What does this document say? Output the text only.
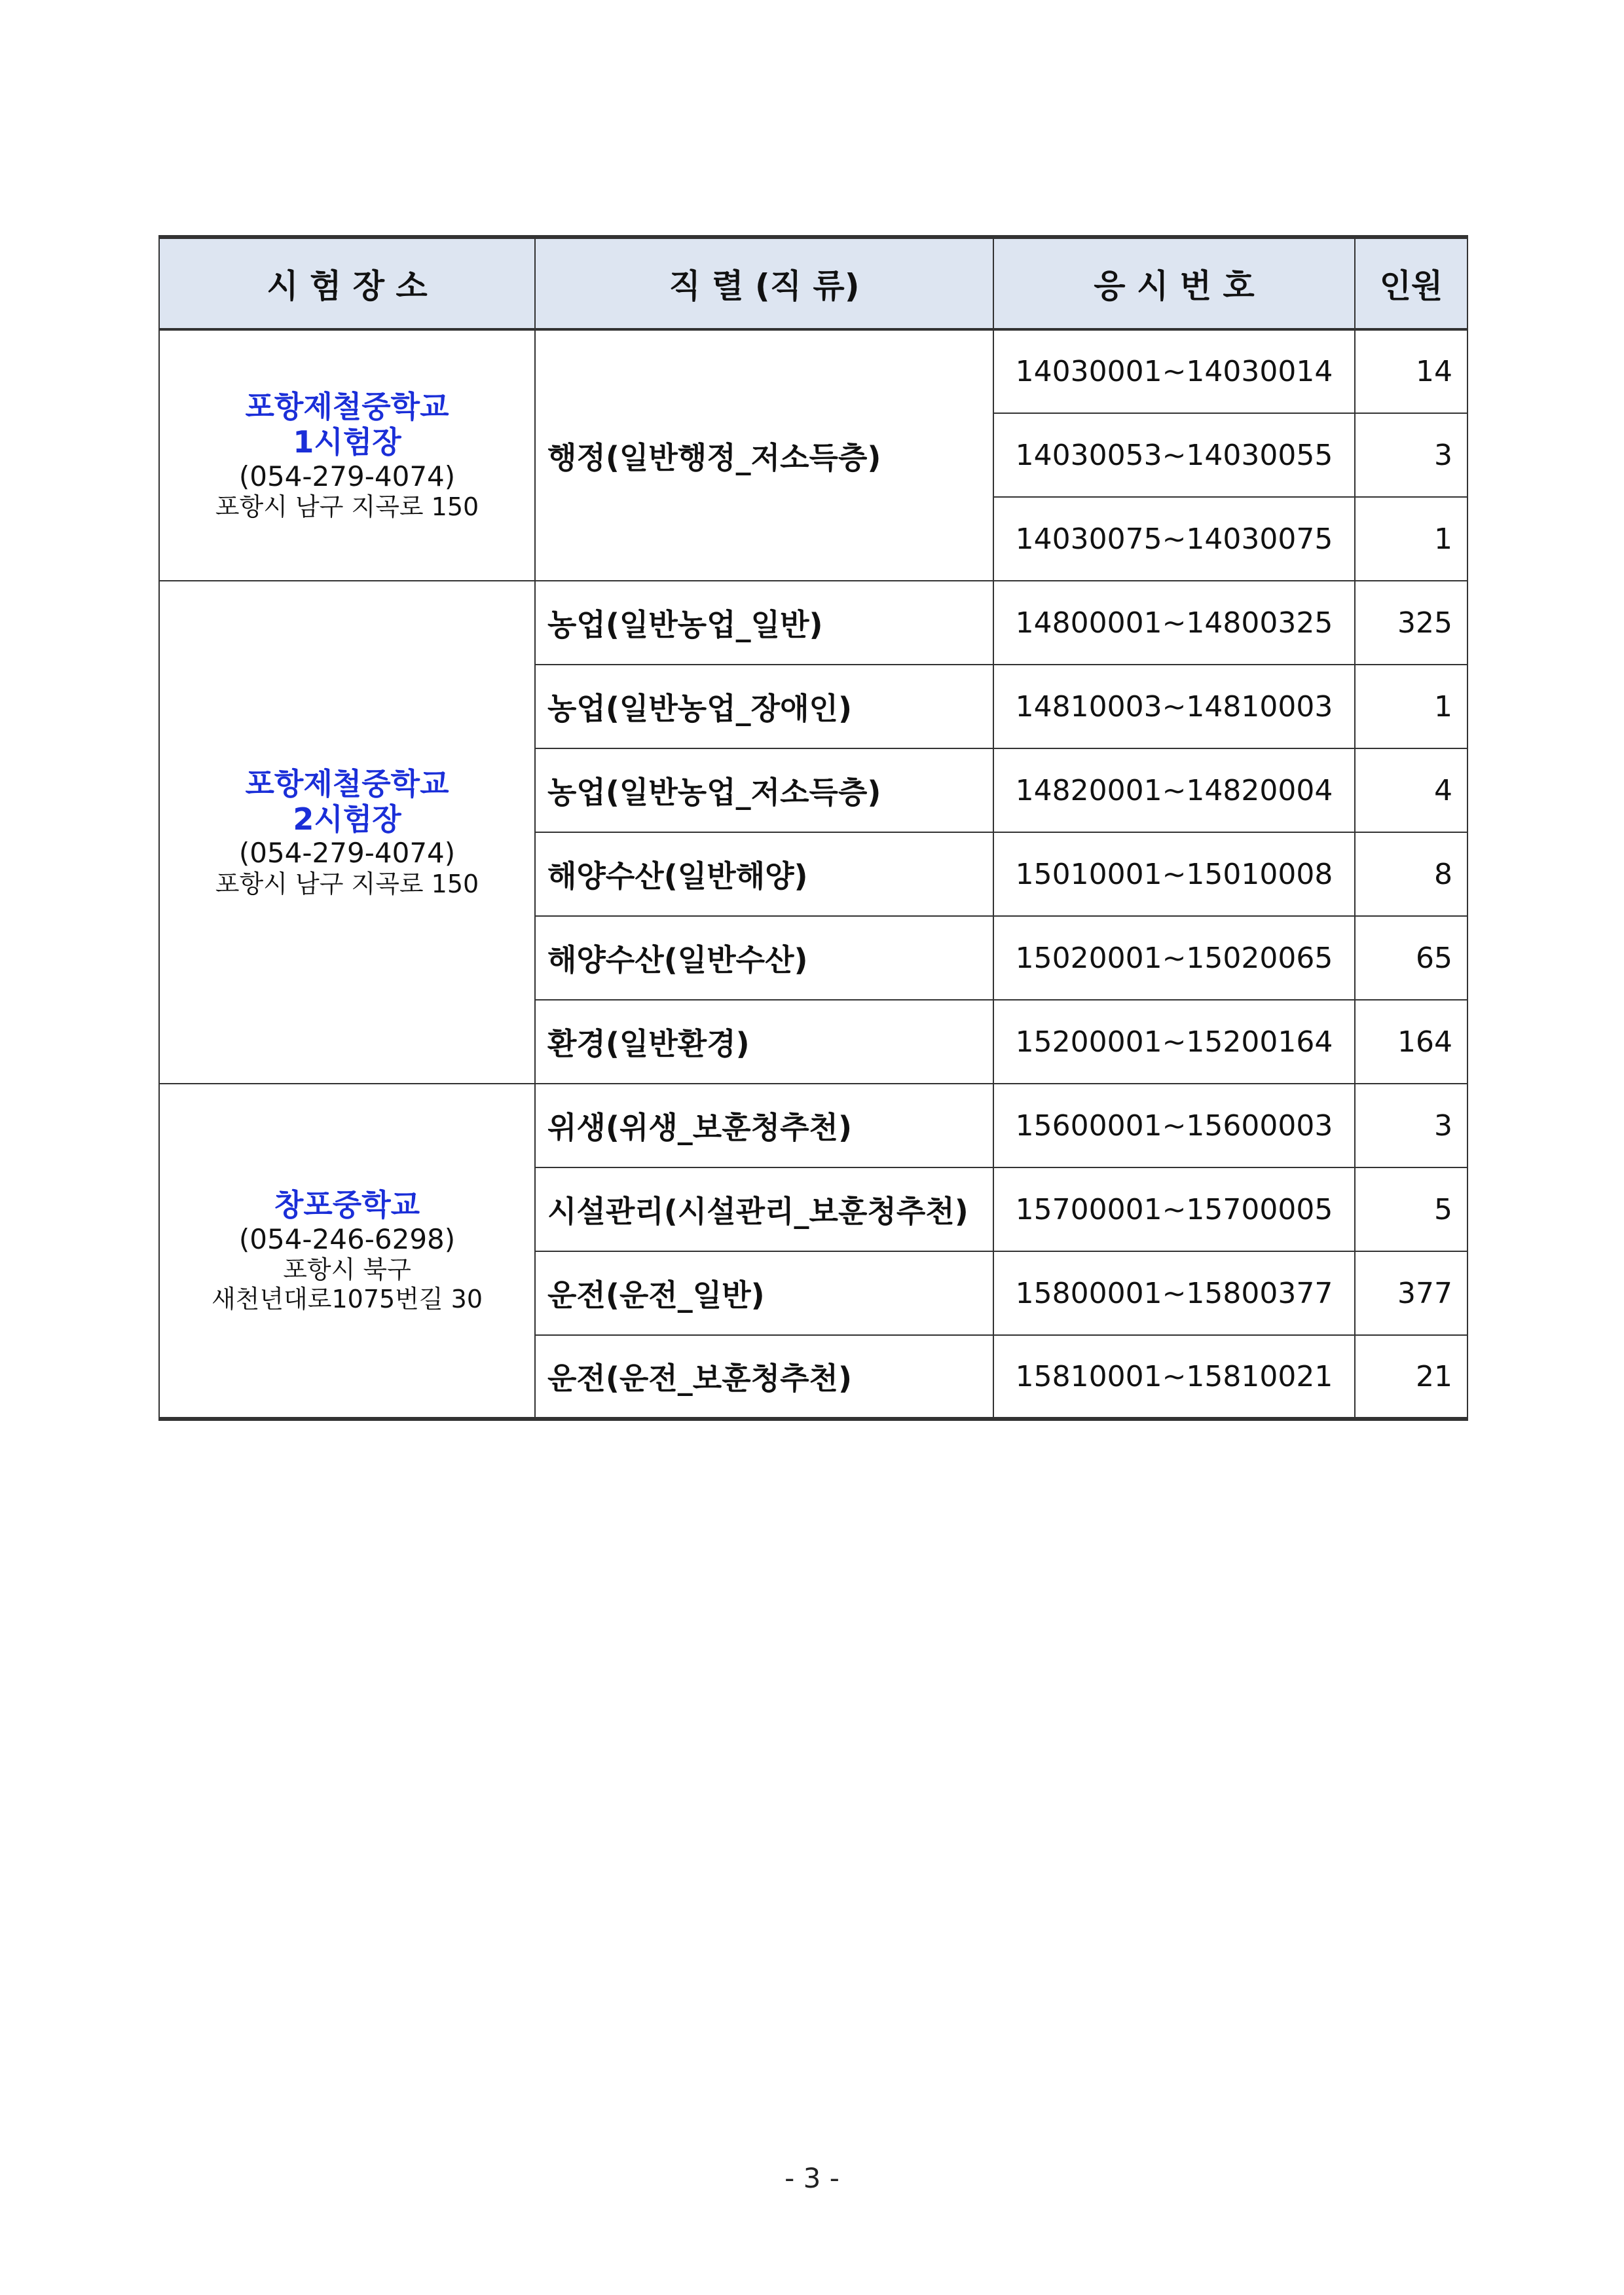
시 험 장 소	직 렬 (직 류)	응 시 번 호	인원

포항제철중학교
1시험장
(054-279-4074)
포항시 남구 지곡로 150	행정(일반행정_저소득층)	14030001~14030014	14
		14030053~14030055	3
		14030075~14030075	1

포항제철중학교
2시험장
(054-279-4074)
포항시 남구 지곡로 150	농업(일반농업_일반)	14800001~14800325	325
	농업(일반농업_장애인)	14810003~14810003	1
	농업(일반농업_저소득층)	14820001~14820004	4
	해양수산(일반해양)	15010001~15010008	8
	해양수산(일반수산)	15020001~15020065	65
	환경(일반환경)	15200001~15200164	164

창포중학교
(054-246-6298)
포항시 북구
새천년대로1075번길 30	위생(위생_보훈청추천)	15600001~15600003	3
	시설관리(시설관리_보훈청추천)	15700001~15700005	5
	운전(운전_일반)	15800001~15800377	377
	운전(운전_보훈청추천)	15810001~15810021	21
- 3 -
